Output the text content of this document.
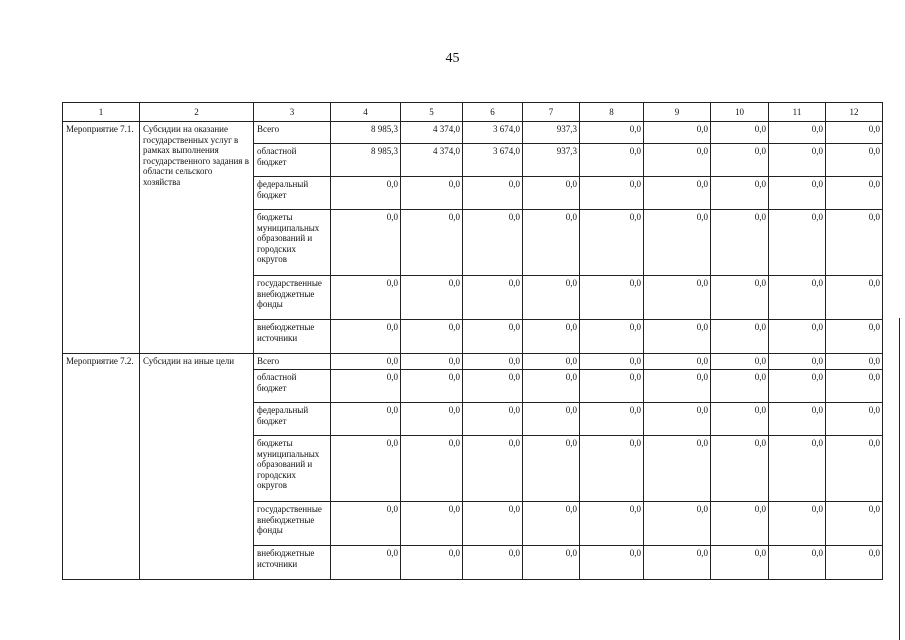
45
1	2	3	4	5	6	7	8	9	10	11	12
Мероприятие 7.1.	Субсидии на оказание государственных услуг в рамках выполнения государственного задания в области сельского хозяйства	Всего	8 985,3	4 374,0	3 674,0	937,3	0,0	0,0	0,0	0,0	0,0
		областной бюджет	8 985,3	4 374,0	3 674,0	937,3	0,0	0,0	0,0	0,0	0,0
		федеральный бюджет	0,0	0,0	0,0	0,0	0,0	0,0	0,0	0,0	0,0
		бюджеты муниципальных образований и городских округов	0,0	0,0	0,0	0,0	0,0	0,0	0,0	0,0	0,0
		государственные внебюджетные фонды	0,0	0,0	0,0	0,0	0,0	0,0	0,0	0,0	0,0
		внебюджетные источники	0,0	0,0	0,0	0,0	0,0	0,0	0,0	0,0	0,0
Мероприятие 7.2.	Субсидии на иные цели	Всего	0,0	0,0	0,0	0,0	0,0	0,0	0,0	0,0	0,0
		областной бюджет	0,0	0,0	0,0	0,0	0,0	0,0	0,0	0,0	0,0
		федеральный бюджет	0,0	0,0	0,0	0,0	0,0	0,0	0,0	0,0	0,0
		бюджеты муниципальных образований и городских округов	0,0	0,0	0,0	0,0	0,0	0,0	0,0	0,0	0,0
		государственные внебюджетные фонды	0,0	0,0	0,0	0,0	0,0	0,0	0,0	0,0	0,0
		внебюджетные источники	0,0	0,0	0,0	0,0	0,0	0,0	0,0	0,0	0,0
